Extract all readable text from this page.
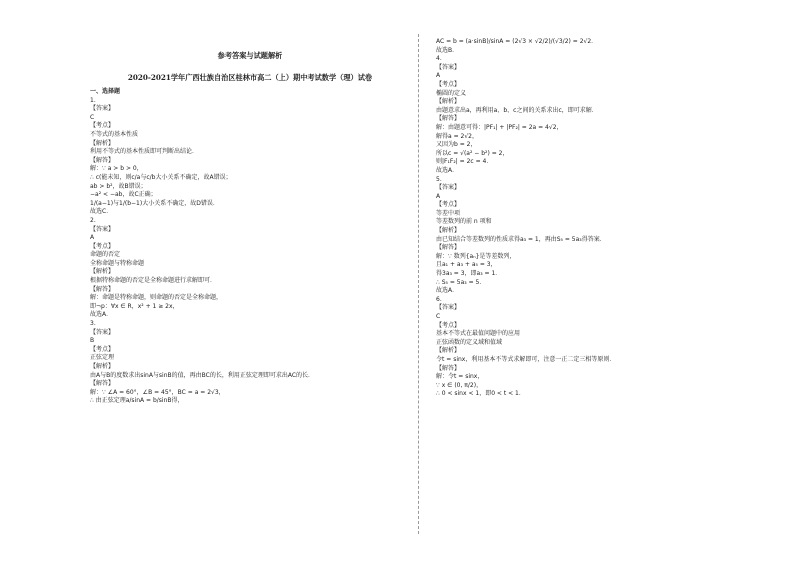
参考答案与试题解析
2020-2021学年广西壮族自治区桂林市高二（上）期中考试数学（理）试卷
一、选择题
1.
【答案】
C
【考点】
不等式的基本性质
【解析】
利用不等式的基本性质即可判断出结论．
【解答】
解：∵ a > b > 0，
∴ c(能未知，则c/a与c/b大小关系不确定，故A错误；
ab > b²，故B错误；
−a² < −ab，故C正确；
1/(a−1)与1/(b−1)大小关系不确定，故D错误．
故选C．
2.
【答案】
A
【考点】
命题的否定
全称命题与特称命题
【解析】
根据特称命题的否定是全称命题进行求解即可．
【解答】
解：命题是特称命题，则命题的否定是全称命题，
即¬p：∀x ∈ R，x² + 1 ≥ 2x，
故选A．
3.
【答案】
B
【考点】
正弦定理
【解析】
由A与B的度数求出sinA与sinB的值，再由BC的长，利用正弦定理即可求出AC的长．
【解答】
解：∵ ∠A = 60°，∠B = 45°，BC = a = 2√3，
∴ 由正弦定理a/sinA = b/sinB得，
AC = b = (a·sinB)/sinA = (2√3 × √2/2)/(√3/2) = 2√2．
故选B．
4.
【答案】
A
【考点】
椭圆的定义
【解析】
由题意求出a，再利用a、b、c之间的关系求出c，即可求解．
【解答】
解：由题意可得：|PF₁| + |PF₂| = 2a = 4√2，
解得a = 2√2，
又因为b = 2，
所以c = √(a² − b²) = 2，
则|F₁F₂| = 2c = 4．
故选A．
5.
【答案】
A
【考点】
等差中项
等差数列的前 n 项和
【解析】
由已知结合等差数列的性质求得a₃ = 1，再由S₅ = 5a₃得答案．
【解答】
解：∵ 数列{aₙ}是等差数列，
且a₁ + a₃ + a₅ = 3，
得3a₃ = 3，即a₃ = 1．
∴ S₅ = 5a₃ = 5．
故选A．
6.
【答案】
C
【考点】
基本不等式在最值问题中的应用
正弦函数的定义域和值域
【解析】
令t = sinx，利用基本不等式求解即可，注意一正二定三相等原则．
【解答】
解：令t = sinx，
∵ x ∈ (0, π/2)，
∴ 0 < sinx < 1，即0 < t < 1．
